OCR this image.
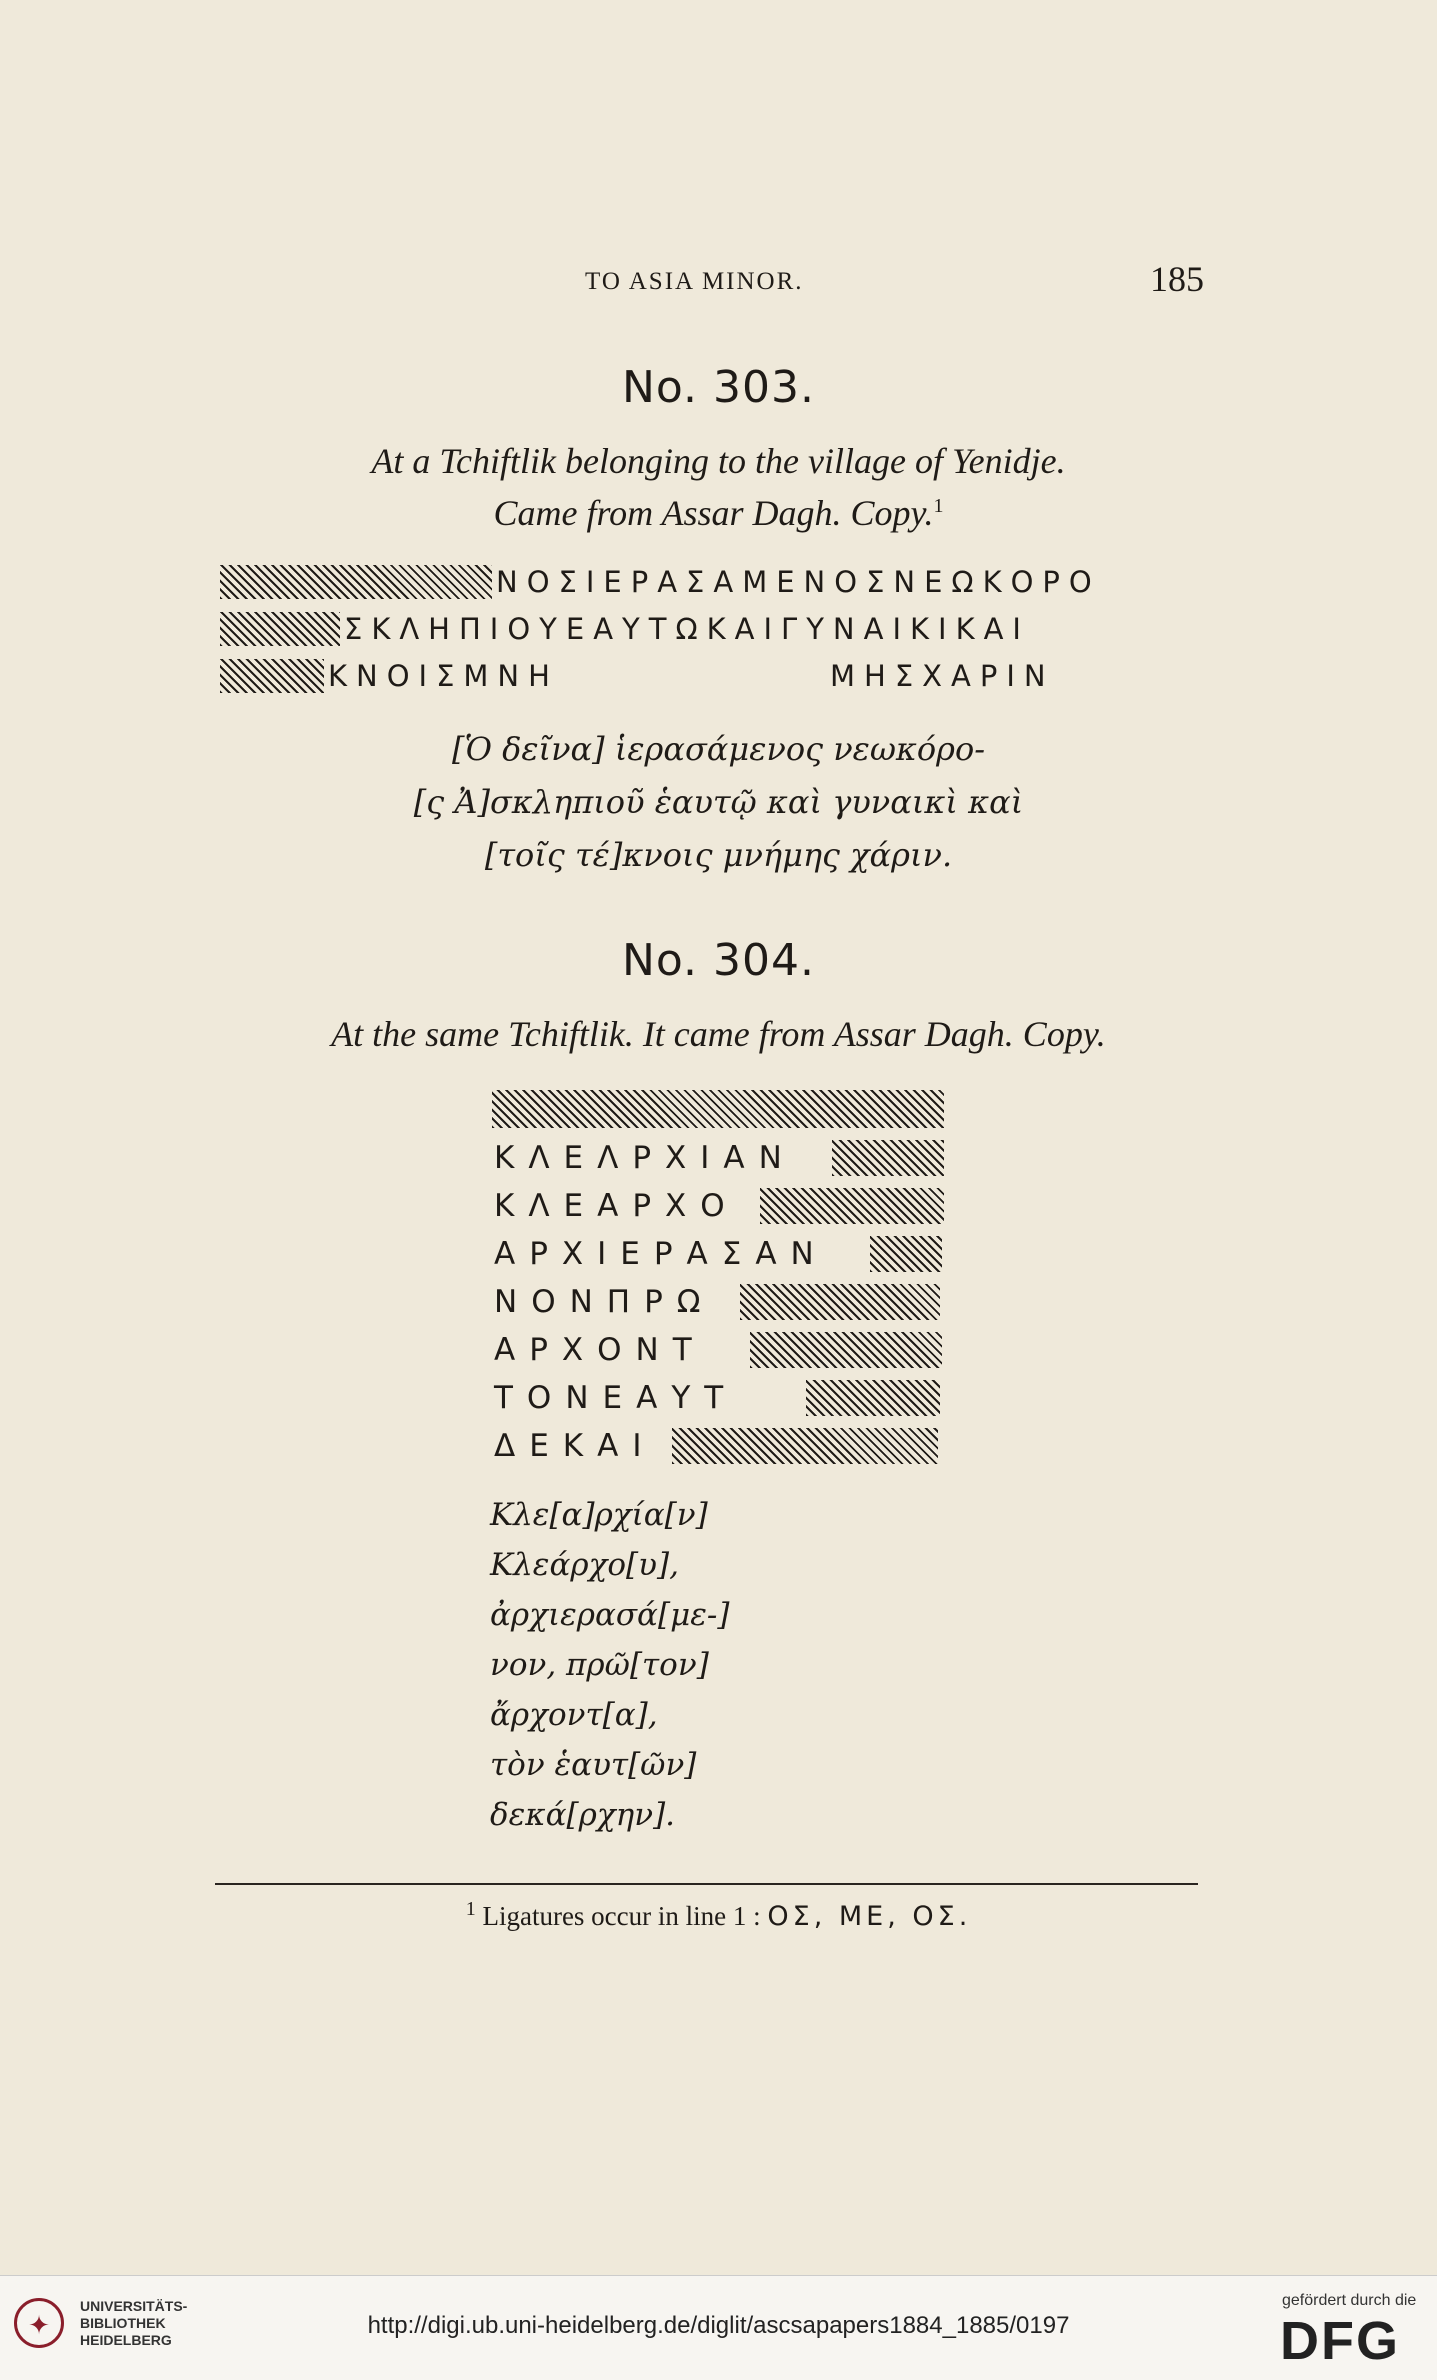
TO ASIA MINOR.	185
No. 303.
At a Tchiftlik belonging to the village of Yenidje.
Came from Assar Dagh. Copy.$^1$
ΝΟΣΙΕΡΑΣΑΜΕΝΟΣΝΕΩΚΟΡΟ
ΣΚΛΗΠΙΟΥΕΑΥΤΩΚΑΙΓΥΝΑΙΚΙΚΑΙ
ΚΝΟΙΣΜΝΗ	ΜΗΣΧΑΡΙΝ
[Ὁ δεῖνα] ἱερασάμενος νεωκόρο-
[ς Ἀ]σκληπιοῦ ἑαυτῷ καὶ γυναικὶ καὶ
[τοῖς τέ]κνοις μνήμης χάριν.
No. 304.
At the same Tchiftlik. It came from Assar Dagh. Copy.
ΚΛΕΛΡΧΙΑΝ
ΚΛΕΑΡΧΟ
ΑΡΧΙΕΡΑΣΑΝ
ΝΟΝΠΡΩ
ΑΡΧΟΝΤ
ΤΟΝΕΑΥΤ
ΔΕΚΑΙ
Κλε[α]ρχία[ν]
Κλεάρχο[υ],
ἀρχιερασά[με-]
νον, πρῶ[τον]
ἄρχοντ[α],
τὸν ἑαυτ[ῶν]
δεκά[ρχην].
$^1$ Ligatures occur in line 1 : ΟΣ, ΜΕ, ΟΣ.
✦
UNIVERSITÄTS-
BIBLIOTHEK
HEIDELBERG
http://digi.ub.uni-heidelberg.de/diglit/ascsapapers1884_1885/0197
gefördert durch die
DFG
